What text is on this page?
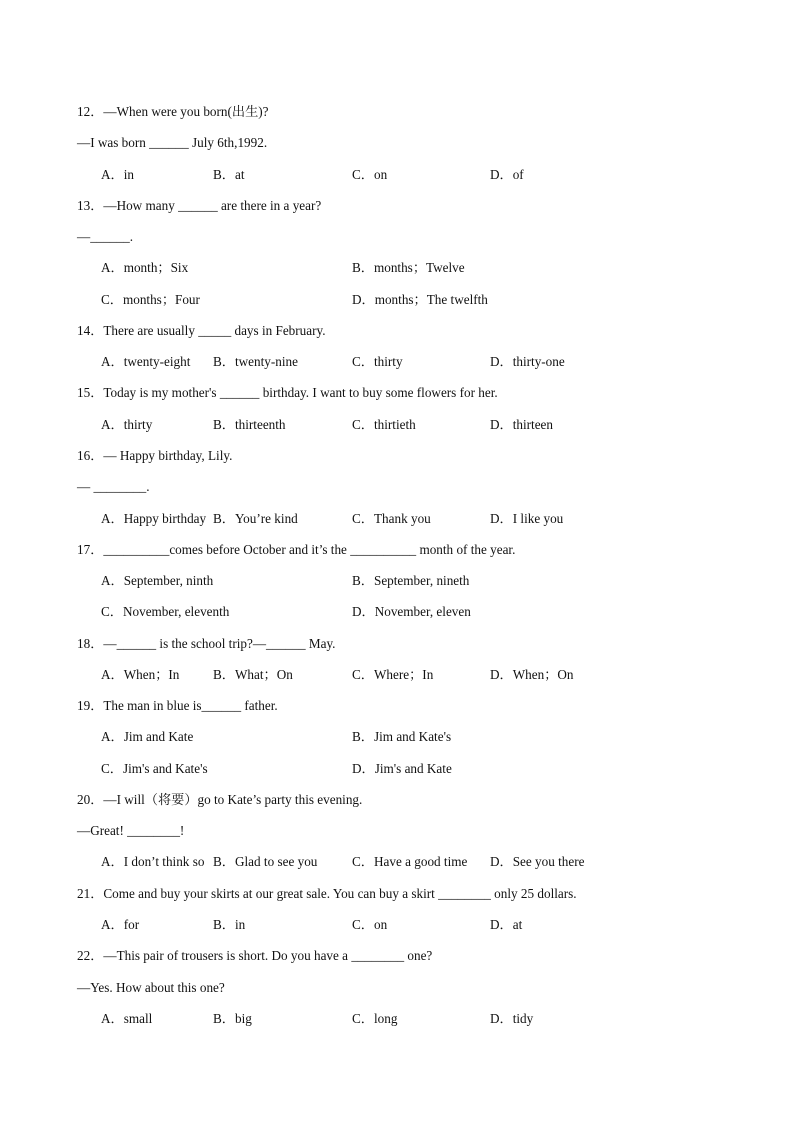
12．—When were you born(出生)?
—I was born ______ July 6th,1992.
A．in	B．at	C．on	D．of
13．—How many ______ are there in a year?
—______.
A．month；Six	B．months；Twelve
C．months；Four	D．months；The twelfth
14．There are usually _____ days in February.
A．twenty-eight B．twenty-nine	C．thirty	D．thirty-one
15．Today is my mother's ______ birthday. I want to buy some flowers for her.
A．thirty	B．thirteenth	C．thirtieth	D．thirteen
16．— Happy birthday, Lily.
— ________.
A．Happy birthday B．You’re kind	C．Thank you	D．I like you
17．__________comes before October and it’s the __________ month of the year.
A．September, ninth	B．September, nineth
C．November, eleventh	D．November, eleven
18．—______ is the school trip?—______ May.
A．When；In	B．What；On	C．Where；In	D．When；On
19．The man in blue is______ father.
A．Jim and Kate	B．Jim and Kate's
C．Jim's and Kate's	D．Jim's and Kate
20．—I will（将要）go to Kate’s party this evening.
—Great! ________!
A．I don’t think so B．Glad to see you	C．Have a good time D．See you there
21．Come and buy your skirts at our great sale. You can buy a skirt ________ only 25 dollars.
A．for	B．in	C．on	D．at
22．—This pair of trousers is short. Do you have a ________ one?
—Yes. How about this one?
A．small	B．big	C．long	D．tidy
